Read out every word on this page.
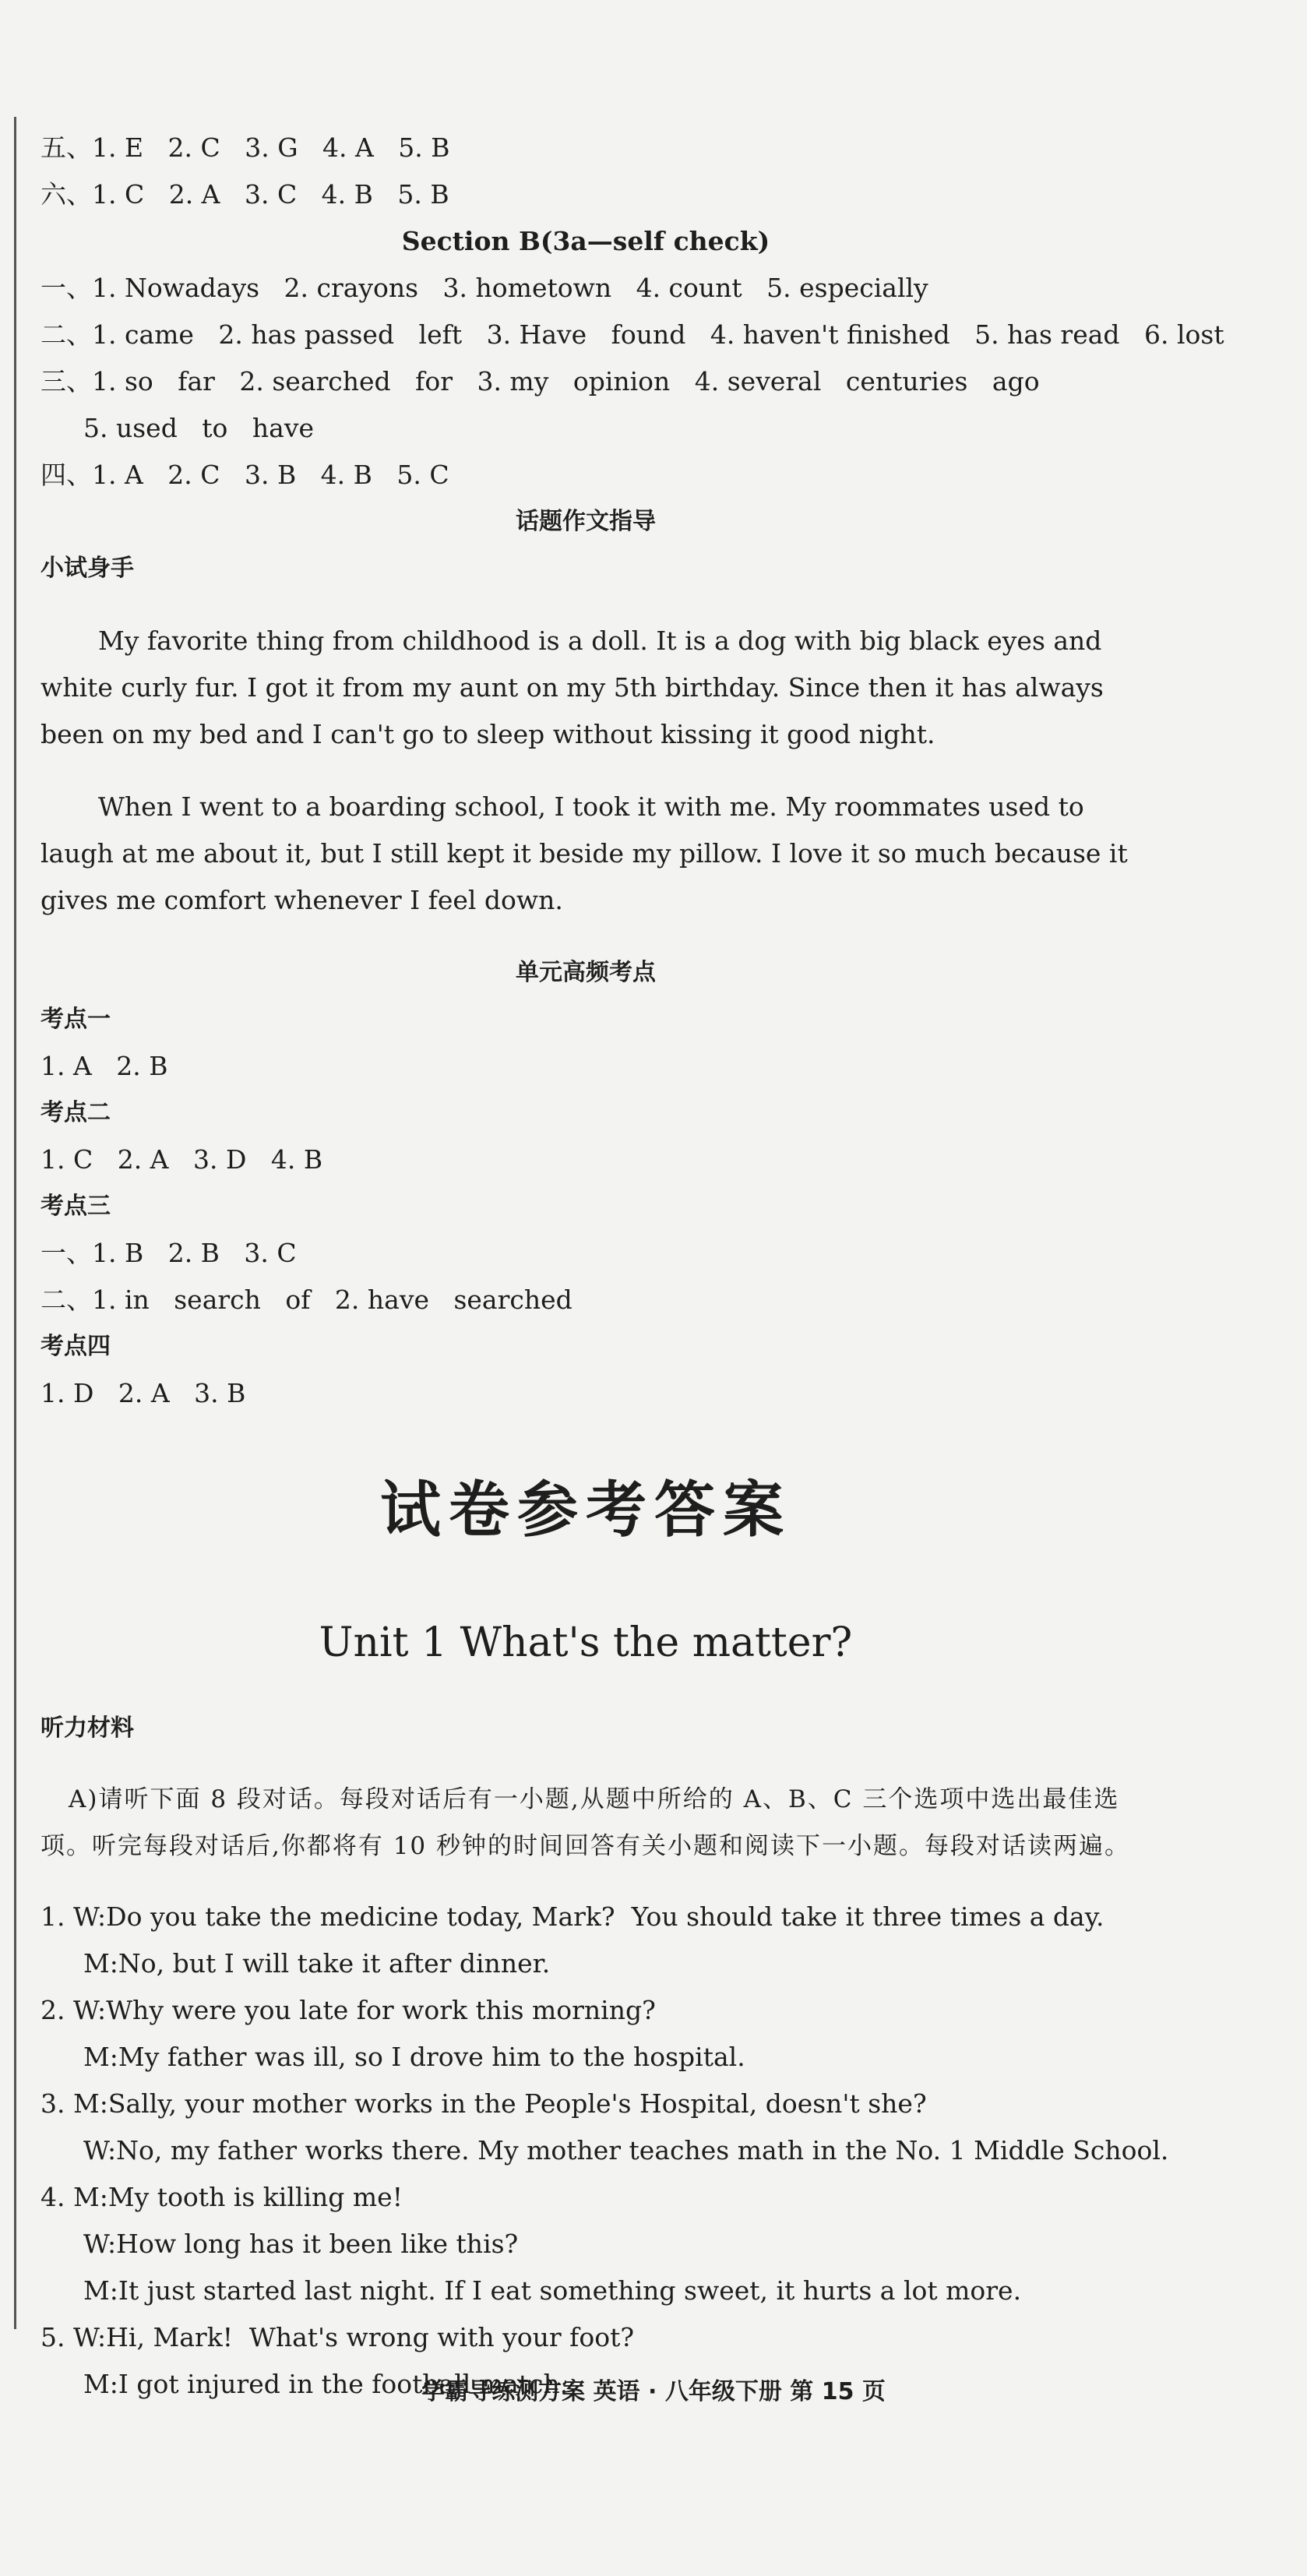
五、1. E   2. C   3. G   4. A   5. B

六、1. C   2. A   3. C   4. B   5. B

Section B(3a—self check)

一、1. Nowadays   2. crayons   3. hometown   4. count   5. especially

二、1. came   2. has passed   left   3. Have   found   4. haven't finished   5. has read   6. lost

三、1. so   far   2. searched   for   3. my   opinion   4. several   centuries   ago

5. used   to   have

四、1. A   2. C   3. B   4. B   5. C

话题作文指导

小试身手

My favorite thing from childhood is a doll. It is a dog with big black eyes and white curly fur. I got it from my aunt on my 5th birthday. Since then it has always been on my bed and I can't go to sleep without kissing it good night.

When I went to a boarding school, I took it with me. My roommates used to laugh at me about it, but I still kept it beside my pillow. I love it so much because it gives me comfort whenever I feel down.

单元高频考点

考点一

1. A   2. B

考点二

1. C   2. A   3. D   4. B

考点三

一、1. B   2. B   3. C

二、1. in   search   of   2. have   searched

考点四

1. D   2. A   3. B

试卷参考答案
Unit 1 What's the matter?

听力材料

A)请听下面 8 段对话。每段对话后有一小题,从题中所给的 A、B、C 三个选项中选出最佳选项。听完每段对话后,你都将有 10 秒钟的时间回答有关小题和阅读下一小题。每段对话读两遍。

1. W:Do you take the medicine today, Mark?  You should take it three times a day.

M:No, but I will take it after dinner.

2. W:Why were you late for work this morning?

M:My father was ill, so I drove him to the hospital.

3. M:Sally, your mother works in the People's Hospital, doesn't she?

W:No, my father works there. My mother teaches math in the No. 1 Middle School.

4. M:My tooth is killing me!

W:How long has it been like this?

M:It just started last night. If I eat something sweet, it hurts a lot more.

5. W:Hi, Mark!  What's wrong with your foot?

M:I got injured in the football match.

学霸导练测方案 英语 · 八年级下册 第 15 页
